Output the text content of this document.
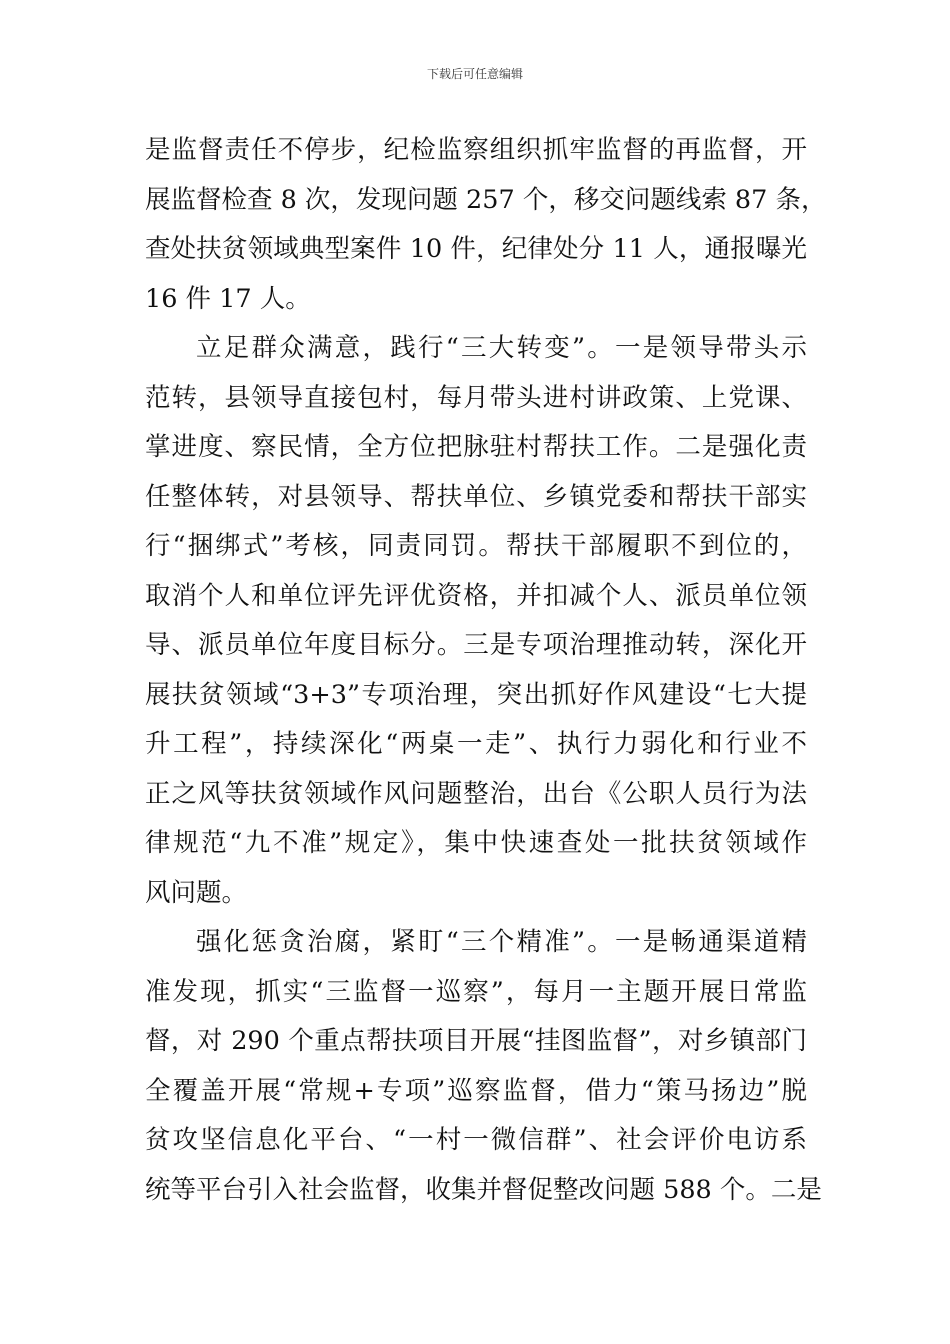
下载后可任意编辑
是监督责任不停步，纪检监察组织抓牢监督的再监督，开
展监督检查 8 次，发现问题 257 个，移交问题线索 87 条，
查处扶贫领域典型案件 10 件，纪律处分 11 人，通报曝光
16 件 17 人。
立足群众满意，践行“三大转变”。一是领导带头示
范转，县领导直接包村，每月带头进村讲政策、上党课、
掌进度、察民情，全方位把脉驻村帮扶工作。二是强化责
任整体转，对县领导、帮扶单位、乡镇党委和帮扶干部实
行“捆绑式”考核，同责同罚。帮扶干部履职不到位的，
取消个人和单位评先评优资格，并扣减个人、派员单位领
导、派员单位年度目标分。三是专项治理推动转，深化开
展扶贫领域“3+3”专项治理，突出抓好作风建设“七大提
升工程”，持续深化“两桌一走”、执行力弱化和行业不
正之风等扶贫领域作风问题整治，出台《公职人员行为法
律规范“九不准”规定》，集中快速查处一批扶贫领域作
风问题。
强化惩贪治腐，紧盯“三个精准”。一是畅通渠道精
准发现，抓实“三监督一巡察”，每月一主题开展日常监
督，对 290 个重点帮扶项目开展“挂图监督”，对乡镇部门
全覆盖开展“常规+专项”巡察监督，借力“策马扬边”脱
贫攻坚信息化平台、“一村一微信群”、社会评价电访系
统等平台引入社会监督，收集并督促整改问题 588 个。二是
